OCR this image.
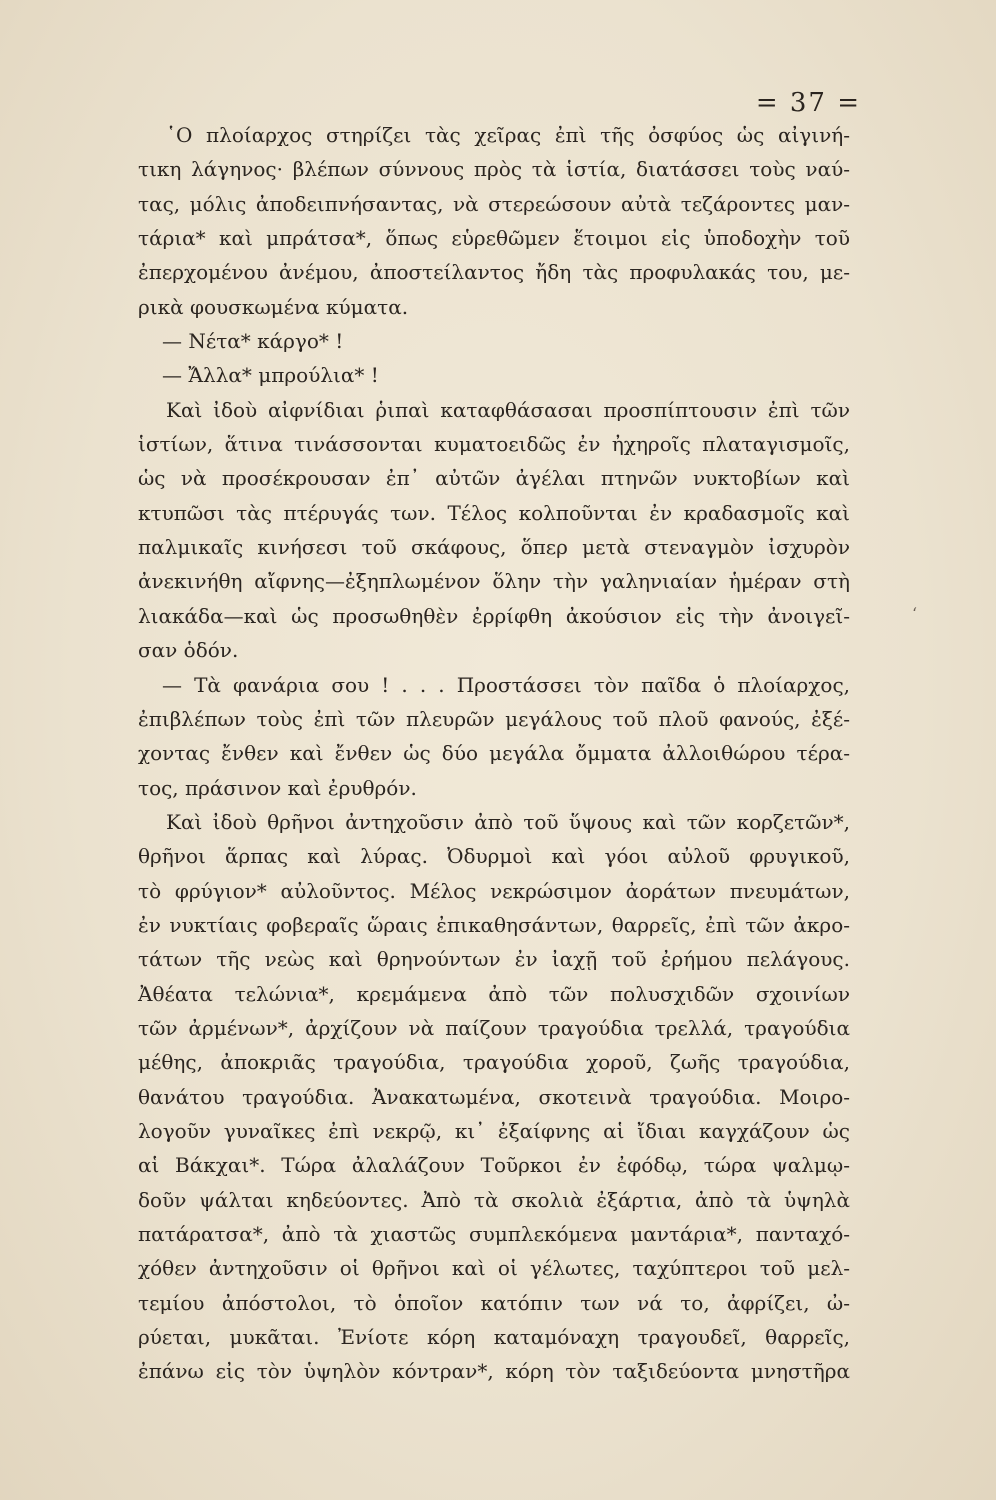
= 37 =
‘
῾Ο πλοίαρχος στηρίζει τὰς χεῖρας ἐπὶ τῆς ὀσφύος ὡς αἰγινή-
τικη λάγηνος· βλέπων σύννους πρὸς τὰ ἱστία, διατάσσει τοὺς ναύ-
τας, μόλις ἀποδειπνήσαντας, νὰ στερεώσουν αὐτὰ τεζάροντες μαν-
τάρια* καὶ μπράτσα*, ὅπως εὑρεθῶμεν ἕτοιμοι εἰς ὑποδοχὴν τοῦ
ἐπερχομένου ἀνέμου, ἀποστείλαντος ἤδη τὰς προφυλακάς του, με-
ρικὰ φουσκωμένα κύματα.
— Νέτα* κάργο* !
— Ἄλλα* μπρούλια* !
Καὶ ἰδοὺ αἰφνίδιαι ῥιπαὶ καταφθάσασαι προσπίπτουσιν ἐπὶ τῶν
ἱστίων, ἅτινα τινάσσονται κυματοειδῶς ἐν ἠχηροῖς πλαταγισμοῖς,
ὡς νὰ προσέκρουσαν ἐπ᾿ αὐτῶν ἀγέλαι πτηνῶν νυκτοβίων καὶ
κτυπῶσι τὰς πτέρυγάς των. Τέλος κολποῦνται ἐν κραδασμοῖς καὶ
παλμικαῖς κινήσεσι τοῦ σκάφους, ὅπερ μετὰ στεναγμὸν ἰσχυρὸν
ἀνεκινήθη αἴφνης—ἐξηπλωμένον ὅλην τὴν γαληνιαίαν ἡμέραν στὴ
λιακάδα—καὶ ὡς προσωθηθὲν ἐρρίφθη ἀκούσιον εἰς τὴν ἀνοιγεῖ-
σαν ὁδόν.
— Τὰ φανάρια σου ! . . . Προστάσσει τὸν παῖδα ὁ πλοίαρχος,
ἐπιβλέπων τοὺς ἐπὶ τῶν πλευρῶν μεγάλους τοῦ πλοῦ φανούς, ἐξέ-
χοντας ἔνθεν καὶ ἔνθεν ὡς δύο μεγάλα ὄμματα ἀλλοιθώρου τέρα-
τος, πράσινον καὶ ἐρυθρόν.
Καὶ ἰδοὺ θρῆνοι ἀντηχοῦσιν ἀπὸ τοῦ ὕψους καὶ τῶν κορζετῶν*,
θρῆνοι ἅρπας καὶ λύρας. Ὀδυρμοὶ καὶ γόοι αὐλοῦ φρυγικοῦ,
τὸ φρύγιον* αὐλοῦντος. Μέλος νεκρώσιμον ἀοράτων πνευμάτων,
ἐν νυκτίαις φοβεραῖς ὥραις ἐπικαθησάντων, θαρρεῖς, ἐπὶ τῶν ἀκρο-
τάτων τῆς νεὼς καὶ θρηνούντων ἐν ἰαχῇ τοῦ ἐρήμου πελάγους.
Ἀθέατα τελώνια*, κρεμάμενα ἀπὸ τῶν πολυσχιδῶν σχοινίων
τῶν ἀρμένων*, ἀρχίζουν νὰ παίζουν τραγούδια τρελλά, τραγούδια
μέθης, ἀποκριᾶς τραγούδια, τραγούδια χοροῦ, ζωῆς τραγούδια,
θανάτου τραγούδια. Ἀνακατωμένα, σκοτεινὰ τραγούδια. Μοιρο-
λογοῦν γυναῖκες ἐπὶ νεκρῷ, κι᾿ ἐξαίφνης αἱ ἴδιαι καγχάζουν ὡς
αἱ Βάκχαι*. Τώρα ἀλαλάζουν Τοῦρκοι ἐν ἐφόδῳ, τώρα ψαλμῳ-
δοῦν ψάλται κηδεύοντες. Ἀπὸ τὰ σκολιὰ ἐξάρτια, ἀπὸ τὰ ὑψηλὰ
πατάρατσα*, ἀπὸ τὰ χιαστῶς συμπλεκόμενα μαντάρια*, πανταχό-
χόθεν ἀντηχοῦσιν οἱ θρῆνοι καὶ οἱ γέλωτες, ταχύπτεροι τοῦ μελ-
τεμίου ἀπόστολοι, τὸ ὁποῖον κατόπιν των νά το, ἀφρίζει, ὠ-
ρύεται, μυκᾶται. Ἐνίοτε κόρη καταμόναχη τραγουδεῖ, θαρρεῖς,
ἐπάνω εἰς τὸν ὑψηλὸν κόντραν*, κόρη τὸν ταξιδεύοντα μνηστῆρα
